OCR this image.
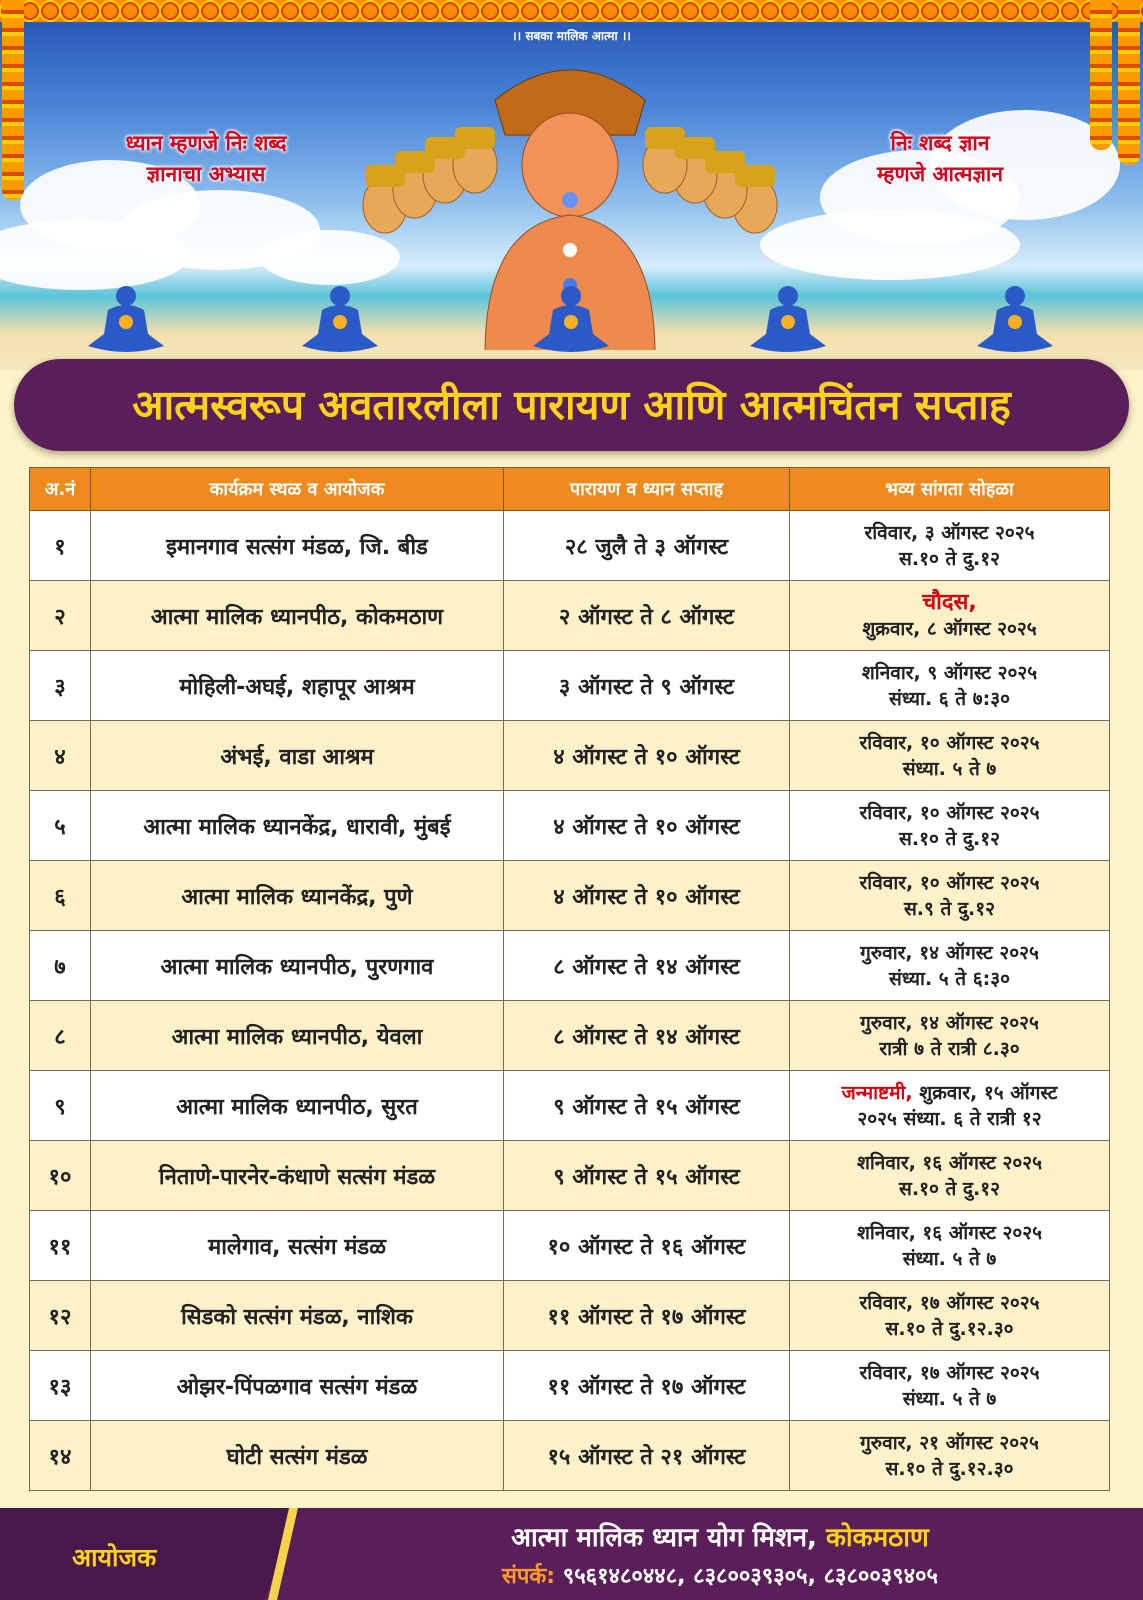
।। सबका मालिक आत्मा ।।
ध्यान म्हणजे निः शब्द
ज्ञानाचा अभ्यास
निः शब्द ज्ञान
म्हणजे आत्मज्ञान
आत्मस्वरूप अवतारलीला पारायण आणि आत्मचिंतन सप्ताह
अ.नं	कार्यक्रम स्थळ व आयोजक	पारायण व ध्यान सप्ताह	भव्य सांगता सोहळा
१	इमानगाव सत्संग मंडळ, जि. बीड	२८ जुलै ते ३ ऑगस्ट	रविवार, ३ ऑगस्ट २०२५
स.१० ते दु.१२
२	आत्मा मालिक ध्यानपीठ, कोकमठाण	२ ऑगस्ट ते ८ ऑगस्ट	चौदस,
शुक्रवार, ८ ऑगस्ट २०२५
३	मोहिली-अघई, शहापूर आश्रम	३ ऑगस्ट ते ९ ऑगस्ट	शनिवार, ९ ऑगस्ट २०२५
संध्या. ६ ते ७:३०
४	अंभई, वाडा आश्रम	४ ऑगस्ट ते १० ऑगस्ट	रविवार, १० ऑगस्ट २०२५
संध्या. ५ ते ७
५	आत्मा मालिक ध्यानकेंद्र, धारावी, मुंबई	४ ऑगस्ट ते १० ऑगस्ट	रविवार, १० ऑगस्ट २०२५
स.१० ते दु.१२
६	आत्मा मालिक ध्यानकेंद्र, पुणे	४ ऑगस्ट ते १० ऑगस्ट	रविवार, १० ऑगस्ट २०२५
स.९ ते दु.१२
७	आत्मा मालिक ध्यानपीठ, पुरणगाव	८ ऑगस्ट ते १४ ऑगस्ट	गुरुवार, १४ ऑगस्ट २०२५
संध्या. ५ ते ६:३०
८	आत्मा मालिक ध्यानपीठ, येवला	८ ऑगस्ट ते १४ ऑगस्ट	गुरुवार, १४ ऑगस्ट २०२५
रात्री ७ ते रात्री ८.३०
९	आत्मा मालिक ध्यानपीठ, सुरत	९ ऑगस्ट ते १५ ऑगस्ट	जन्माष्टमी, शुक्रवार, १५ ऑगस्ट
२०२५ संध्या. ६ ते रात्री १२
१०	निताणे-पारनेर-कंधाणे सत्संग मंडळ	९ ऑगस्ट ते १५ ऑगस्ट	शनिवार, १६ ऑगस्ट २०२५
स.१० ते दु.१२
११	मालेगाव, सत्संग मंडळ	१० ऑगस्ट ते १६ ऑगस्ट	शनिवार, १६ ऑगस्ट २०२५
संध्या. ५ ते ७
१२	सिडको सत्संग मंडळ, नाशिक	११ ऑगस्ट ते १७ ऑगस्ट	रविवार, १७ ऑगस्ट २०२५
स.१० ते दु.१२.३०
१३	ओझर-पिंपळगाव सत्संग मंडळ	११ ऑगस्ट ते १७ ऑगस्ट	रविवार, १७ ऑगस्ट २०२५
संध्या. ५ ते ७
१४	घोटी सत्संग मंडळ	१५ ऑगस्ट ते २१ ऑगस्ट	गुरुवार, २१ ऑगस्ट २०२५
स.१० ते दु.१२.३०
आयोजक
आत्मा मालिक ध्यान योग मिशन, कोकमठाण
संपर्क: ९५६१४८०४४८, ८३८००३९३०५, ८३८००३९४०५
